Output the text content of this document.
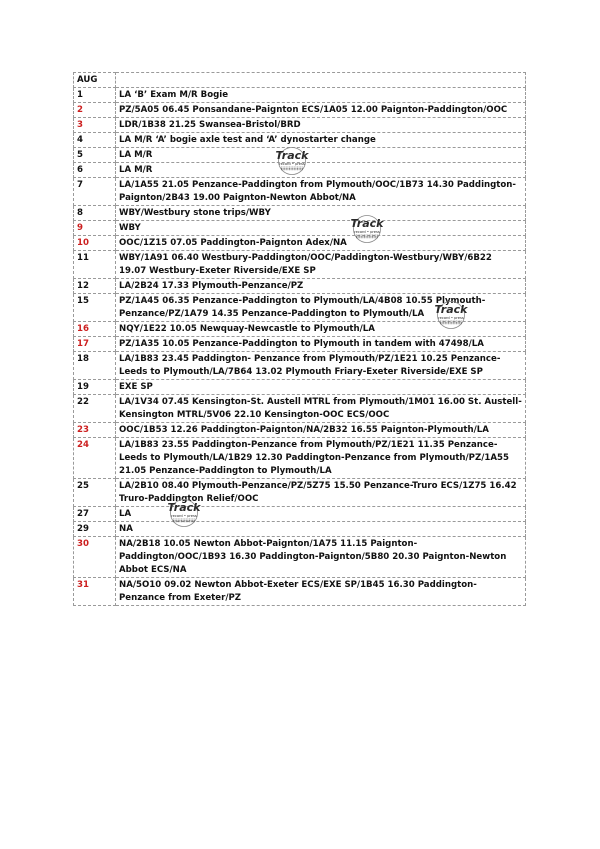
AUG	
1	LA ‘B’ Exam M/R Bogie
2	PZ/5A05 06.45 Ponsandane-Paignton ECS/1A05 12.00 Paignton-Paddington/OOC
3	LDR/1B38 21.25 Swansea-Bristol/BRD
4	LA M/R ‘A’ bogie axle test and ‘A’ dynostarter change
5	LA M/R
6	LA M/R
7	LA/1A55 21.05 Penzance-Paddington from Plymouth/OOC/1B73 14.30 Paddington-Paignton/2B43 19.00 Paignton-Newton Abbot/NA
8	WBY/Westbury stone trips/WBY
9	WBY
10	OOC/1Z15 07.05 Paddington-Paignton Adex/NA
11	WBY/1A91 06.40 Westbury-Paddington/OOC/Paddington-Westbury/WBY/6B22 19.07 Westbury-Exeter Riverside/EXE SP
12	LA/2B24 17.33 Plymouth-Penzance/PZ
15	PZ/1A45 06.35 Penzance-Paddington to Plymouth/LA/4B08 10.55 Plymouth-Penzance/PZ/1A79 14.35 Penzance-Paddington to Plymouth/LA
16	NQY/1E22 10.05 Newquay-Newcastle to Plymouth/LA
17	PZ/1A35 10.05 Penzance-Paddington to Plymouth in tandem with 47498/LA
18	LA/1B83 23.45 Paddington- Penzance from Plymouth/PZ/1E21 10.25 Penzance-Leeds to Plymouth/LA/7B64 13.02 Plymouth Friary-Exeter Riverside/EXE SP
19	EXE SP
22	LA/1V34 07.45 Kensington-St. Austell MTRL from Plymouth/1M01 16.00 St. Austell-Kensington MTRL/5V06 22.10 Kensington-OOC ECS/OOC
23	OOC/1B53 12.26 Paddington-Paignton/NA/2B32 16.55 Paignton-Plymouth/LA
24	LA/1B83 23.55 Paddington-Penzance from Plymouth/PZ/1E21 11.35 Penzance-Leeds to Plymouth/LA/1B29 12.30 Paddington-Penzance from Plymouth/PZ/1A55 21.05 Penzance-Paddington to Plymouth/LA
25	LA/2B10 08.40 Plymouth-Penzance/PZ/5Z75 15.50 Penzance-Truro ECS/1Z75 16.42 Truro-Paddington Relief/OOC
27	LA
29	NA
30	NA/2B18 10.05 Newton Abbot-Paignton/1A75 11.15 Paignton-Paddington/OOC/1B93 16.30 Paddington-Paignton/5B80 20.30 Paignton-Newton Abbot ECS/NA
31	NA/5O10 09.02 Newton Abbot-Exeter ECS/EXE SP/1B45 16.30 Paddington-Penzance from Exeter/PZ
Track
record • press
Track
record • press
Track
record • press
Track
record • press
